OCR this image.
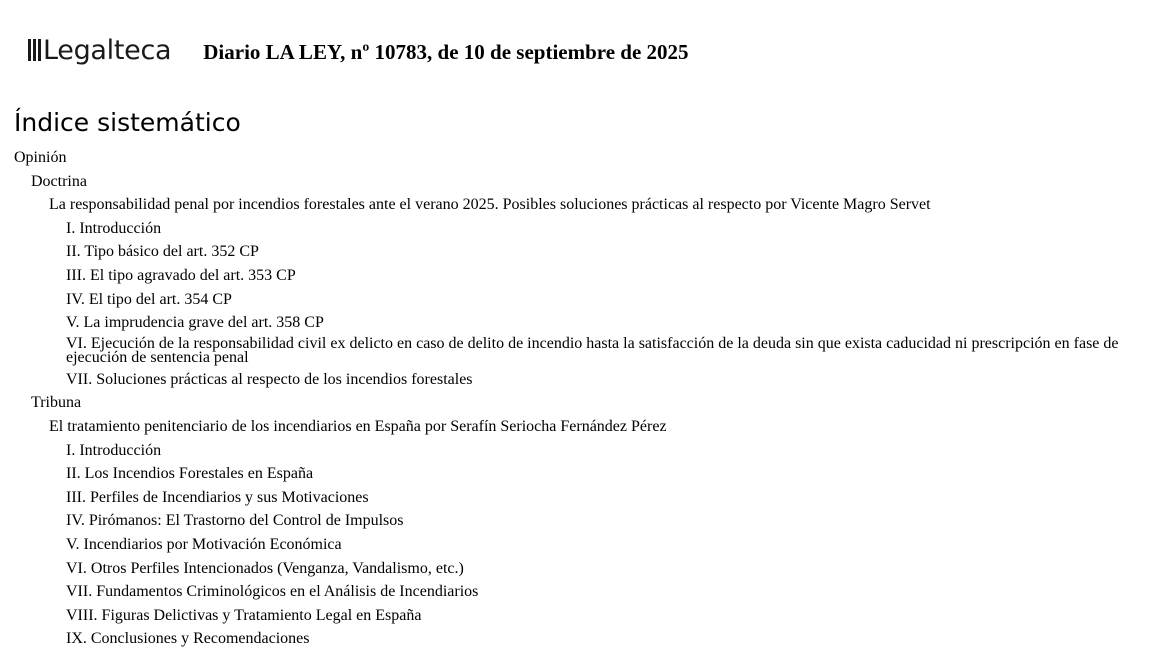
Legalteca Diario LA LEY, nº 10783, de 10 de septiembre de 2025
Índice sistemático
Opinión
Doctrina
La responsabilidad penal por incendios forestales ante el verano 2025. Posibles soluciones prácticas al respecto por Vicente Magro Servet
I. Introducción
II. Tipo básico del art. 352 CP
III. El tipo agravado del art. 353 CP
IV. El tipo del art. 354 CP
V. La imprudencia grave del art. 358 CP
VI. Ejecución de la responsabilidad civil ex delicto en caso de delito de incendio hasta la satisfacción de la deuda sin que exista caducidad ni prescripción en fase de ejecución de sentencia penal
VII. Soluciones prácticas al respecto de los incendios forestales
Tribuna
El tratamiento penitenciario de los incendiarios en España por Serafín Seriocha Fernández Pérez
I. Introducción
II. Los Incendios Forestales en España
III. Perfiles de Incendiarios y sus Motivaciones
IV. Pirómanos: El Trastorno del Control de Impulsos
V. Incendiarios por Motivación Económica
VI. Otros Perfiles Intencionados (Venganza, Vandalismo, etc.)
VII. Fundamentos Criminológicos en el Análisis de Incendiarios
VIII. Figuras Delictivas y Tratamiento Legal en España
IX. Conclusiones y Recomendaciones
